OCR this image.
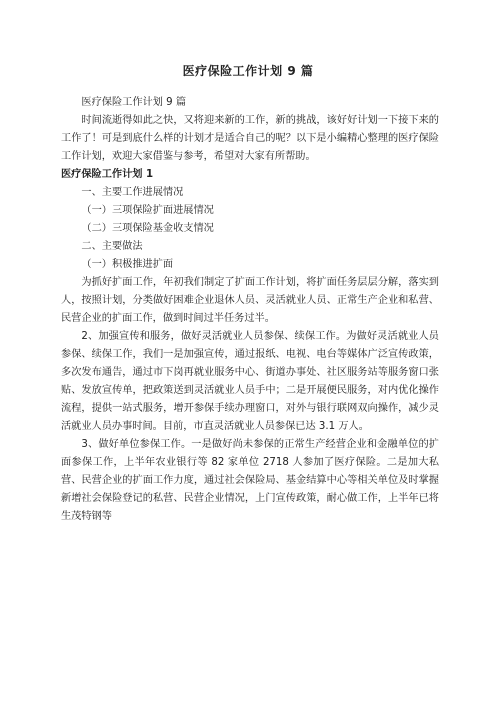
医疗保险工作计划 9 篇

医疗保险工作计划 9 篇

时间流逝得如此之快，又将迎来新的工作，新的挑战，该好好计划一下接下来的工作了！可是到底什么样的计划才是适合自己的呢？以下是小编精心整理的医疗保险工作计划，欢迎大家借鉴与参考，希望对大家有所帮助。

医疗保险工作计划 1

一、主要工作进展情况

（一）三项保险扩面进展情况

（二）三项保险基金收支情况

二、主要做法

（一）积极推进扩面

为抓好扩面工作，年初我们制定了扩面工作计划，将扩面任务层层分解，落实到人，按照计划，分类做好困难企业退休人员、灵活就业人员、正常生产企业和私营、民营企业的扩面工作，做到时间过半任务过半。

2、加强宣传和服务，做好灵活就业人员参保、续保工作。为做好灵活就业人员参保、续保工作，我们一是加强宣传，通过报纸、电视、电台等媒体广泛宣传政策，多次发布通告，通过市下岗再就业服务中心、街道办事处、社区服务站等服务窗口张贴、发放宣传单，把政策送到灵活就业人员手中；二是开展便民服务，对内优化操作流程，提供一站式服务，增开参保手续办理窗口，对外与银行联网双向操作，减少灵活就业人员办事时间。目前，市直灵活就业人员参保已达 3.1 万人。

3、做好单位参保工作。一是做好尚未参保的正常生产经营企业和金融单位的扩面参保工作，上半年农业银行等 82 家单位 2718 人参加了医疗保险。二是加大私营、民营企业的扩面工作力度，通过社会保险局、基金结算中心等相关单位及时掌握新增社会保险登记的私营、民营企业情况，上门宣传政策，耐心做工作，上半年已将生茂特钢等
